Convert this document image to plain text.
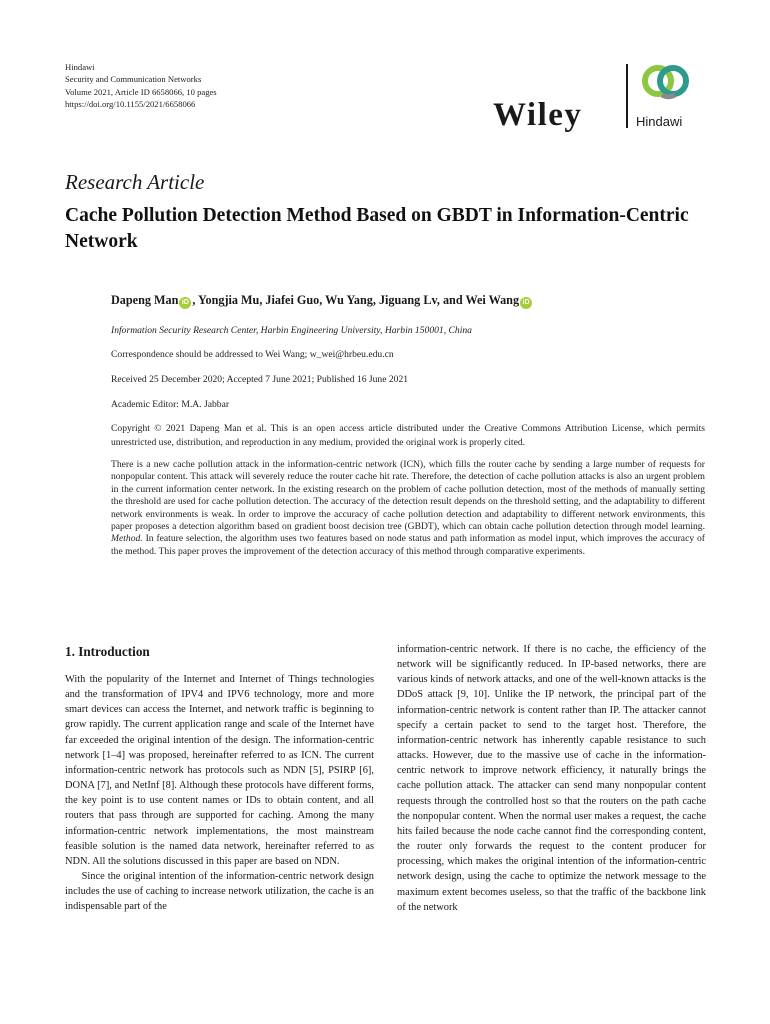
Hindawi
Security and Communication Networks
Volume 2021, Article ID 6658066, 10 pages
https://doi.org/10.1155/2021/6658066	Wiley	Hindawi
Research Article
Cache Pollution Detection Method Based on GBDT in Information-Centric Network
Dapeng Man iD , Yongjia Mu, Jiafei Guo, Wu Yang, Jiguang Lv, and Wei Wang iD
Information Security Research Center, Harbin Engineering University, Harbin 150001, China
Correspondence should be addressed to Wei Wang; w_wei@hrbeu.edu.cn
Received 25 December 2020; Accepted 7 June 2021; Published 16 June 2021
Academic Editor: M.A. Jabbar
Copyright © 2021 Dapeng Man et al. This is an open access article distributed under the Creative Commons Attribution License, which permits unrestricted use, distribution, and reproduction in any medium, provided the original work is properly cited.
There is a new cache pollution attack in the information-centric network (ICN), which fills the router cache by sending a large number of requests for nonpopular content. This attack will severely reduce the router cache hit rate. Therefore, the detection of cache pollution attacks is also an urgent problem in the current information center network. In the existing research on the problem of cache pollution detection, most of the methods of manually setting the threshold are used for cache pollution detection. The accuracy of the detection result depends on the threshold setting, and the adaptability to different network environments is weak. In order to improve the accuracy of cache pollution detection and adaptability to different network environments, this paper proposes a detection algorithm based on gradient boost decision tree (GBDT), which can obtain cache pollution detection through model learning. Method. In feature selection, the algorithm uses two features based on node status and path information as model input, which improves the accuracy of the method. This paper proves the improvement of the detection accuracy of this method through comparative experiments.
1. Introduction

With the popularity of the Internet and Internet of Things technologies and the transformation of IPV4 and IPV6 technology, more and more smart devices can access the Internet, and network traffic is beginning to grow rapidly. The current application range and scale of the Internet have far exceeded the original intention of the design. The information-centric network [1–4] was proposed, hereinafter referred to as ICN. The current information-centric network has protocols such as NDN [5], PSIRP [6], DONA [7], and NetInf [8]. Although these protocols have different forms, the key point is to use content names or IDs to obtain content, and all routers that pass through are supported for caching. Among the many information-centric network implementations, the most mainstream feasible solution is the named data network, hereinafter referred to as NDN. All the solutions discussed in this paper are based on NDN.

Since the original intention of the information-centric network design includes the use of caching to increase network utilization, the cache is an indispensable part of the

information-centric network. If there is no cache, the efficiency of the network will be significantly reduced. In IP-based networks, there are various kinds of network attacks, and one of the well-known attacks is the DDoS attack [9, 10]. Unlike the IP network, the principal part of the information-centric network is content rather than IP. The attacker cannot specify a certain packet to send to the target host. Therefore, the information-centric network has inherently capable resistance to such attacks. However, due to the massive use of cache in the information-centric network to improve network efficiency, it naturally brings the cache pollution attack. The attacker can send many nonpopular content requests through the controlled host so that the routers on the path cache the nonpopular content. When the normal user makes a request, the cache hits failed because the node cache cannot find the corresponding content, the router only forwards the request to the content producer for processing, which makes the original intention of the information-centric network design, using the cache to optimize the network message to the maximum extent becomes useless, so that the traffic of the backbone link of the network
